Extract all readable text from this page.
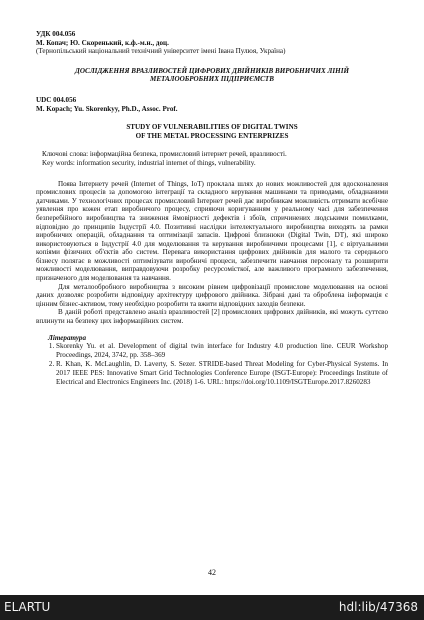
УДК 004.056

М. Копач; Ю. Скоренький, к.ф.-м.н., доц.

(Тернопільський національний технічний університет імені Івана Пулюя, Україна)

ДОСЛІДЖЕННЯ ВРАЗЛИВОСТЕЙ ЦИФРОВИХ ДВІЙНИКІВ ВИРОБНИЧИХ ЛІНІЙ МЕТАЛООБРОБНИХ ПІДПРИЄМСТВ

UDC 004.056

M. Kopach; Yu. Skorenkyy, Ph.D., Assoc. Prof.

STUDY OF VULNERABILITIES OF DIGITAL TWINS

OF THE METAL PROCESSING ENTERPRIZES

Ключові слова: інформаційна безпека, промисловий інтернет речей, вразливості.

Key words: information security, industrial internet of things, vulnerability.

Поява Інтернету речей (Internet of Things, IoT) проклала шлях до нових можливостей для вдосконалення промислових процесів за допомогою інтеграції та складного керування машинами та приводами, обладнаними датчиками. У технологічних процесах промисловий Інтернет речей дає виробникам можливість отримати всебічне уявлення про кожен етап виробничого процесу, сприяючи коригуванням у реальному часі для забезпечення безперебійного виробництва та зниження ймовірності дефектів і збоїв, спричинених людськими помилками, відповідно до принципів Індустрії 4.0. Позитивні наслідки інтелектуального виробництва виходять за рамки виробничих операцій, обладнання та оптимізації запасів. Цифрові близнюки (Digital Twin, DT), які широко використовуються в Індустрії 4.0 для моделювання та керування виробничими процесами [1], є віртуальними копіями фізичних об'єктів або систем. Перевага використання цифрових двійників для малого та середнього бізнесу полягає в можливості оптимізувати виробничі процеси, забезпечити навчання персоналу та розширити можливості моделювання, виправдовуючи розробку ресурсомісткої, але важливого програмного забезпечення, призначеного для моделювання та навчання.

Для металообробного виробництва з високим рівнем цифровізації промислове моделювання на основі даних дозволяє розробити відповідну архітектуру цифрового двійника. Зібрані дані та оброблена інформація є цінним бізнес-активом, тому необхідно розробити та вжити відповідних заходів безпеки.

В даній роботі представлено аналіз вразливостей [2] промислових цифрових двійників, які можуть суттєво вплинути на безпеку цих інформаційних систем.

Література

1. Skorenky Yu. et al. Development of digital twin interface for Industry 4.0 production line. CEUR Workshop Proceedings, 2024, 3742, pp. 358–369
2. R. Khan, K. McLaughlin, D. Laverty, S. Sezer. STRIDE-based Threat Modeling for Cyber-Physical Systems. In 2017 IEEE PES: Innovative Smart Grid Technologies Conference Europe (ISGT-Europe): Proceedings Institute of Electrical and Electronics Engineers Inc. (2018) 1-6. URL: https://doi.org/10.1109/ISGTEurope.2017.8260283
42
ELARTU	hdl:lib/47368
